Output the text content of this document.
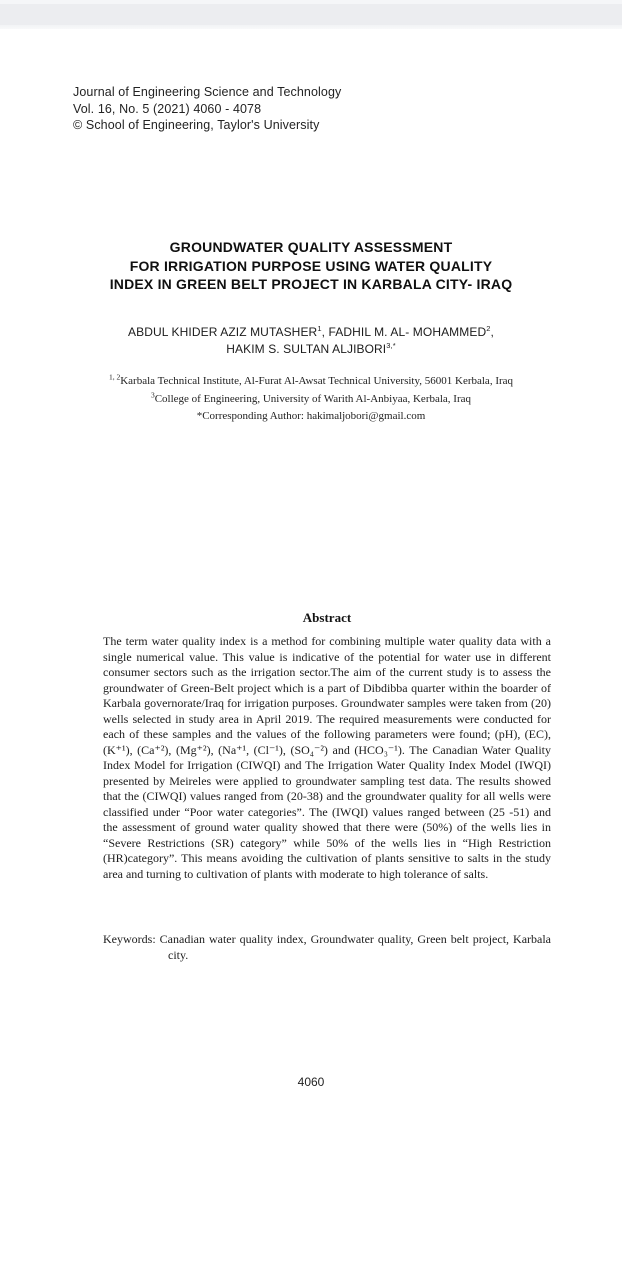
Journal of Engineering Science and Technology
Vol. 16, No. 5 (2021) 4060 - 4078
© School of Engineering, Taylor's University
GROUNDWATER QUALITY ASSESSMENT
FOR IRRIGATION PURPOSE USING WATER QUALITY
INDEX IN GREEN BELT PROJECT IN KARBALA CITY- IRAQ
ABDUL KHIDER AZIZ MUTASHER$^1$, FADHIL M. AL- MOHAMMED$^2$,
HAKIM S. SULTAN $ALJIBORI^{3,*}$
$^{1, 2}$Karbala Technical Institute, Al-Furat Al-Awsat Technical University, 56001 Kerbala, Iraq
$^3$College of Engineering, University of Warith Al-Anbiyaa, Kerbala, Iraq
*Corresponding Author: hakimaljobori@gmail.com
Abstract

The term water quality index is a method for combining multiple water quality data with a single numerical value. This value is indicative of the potential for water use in different consumer sectors such as the irrigation sector.The aim of the current study is to assess the groundwater of Green-Belt project which is a part of Dibdibba quarter within the boarder of Karbala governorate/Iraq for irrigation purposes. Groundwater samples were taken from (20) wells selected in study area in April 2019. The required measurements were conducted for each of these samples and the values of the following parameters were found; (pH), (EC), (K⁺¹), (Ca⁺²), (Mg⁺²), (Na⁺¹, (Cl⁻¹), (SO₄⁻²) and (HCO₃⁻¹). The Canadian Water Quality Index Model for Irrigation (CIWQI) and The Irrigation Water Quality Index Model (IWQI) presented by Meireles were applied to groundwater sampling test data. The results showed that the (CIWQI) values ranged from (20-38) and the groundwater quality for all wells were classified under “Poor water categories”. The (IWQI) values ranged between (25 -51) and the assessment of ground water quality showed that there were (50%) of the wells lies in “Severe Restrictions (SR) category” while 50% of the wells lies in “High Restriction (HR)category”. This means avoiding the cultivation of plants sensitive to salts in the study area and turning to cultivation of plants with moderate to high tolerance of salts.

Keywords: Canadian water quality index, Groundwater quality, Green belt project, Karbala city.

4060
